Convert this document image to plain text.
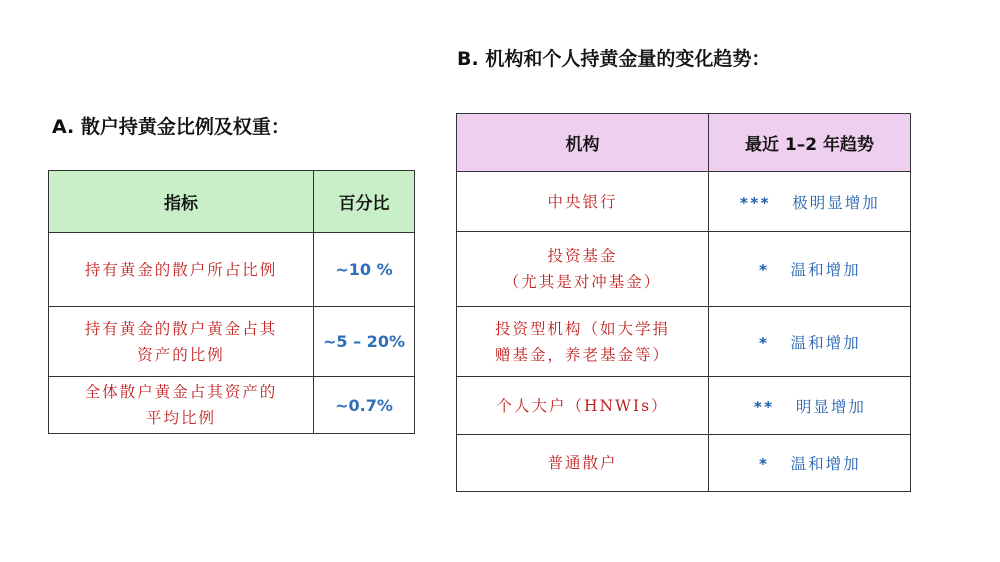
A. 散户持黄金比例及权重：
指标	百分比

持有黄金的散户所占比例	~10 %

持有黄金的散户黄金占其
资产的比例	~5 – 20%

全体散户黄金占其资产的
平均比例	~0.7%
B. 机构和个人持黄金量的变化趋势：
机构	最近 1–2 年趋势

中央银行	*** 极明显增加

投资基金
（尤其是对冲基金）	* 温和增加

投资型机构（如大学捐
赠基金，养老基金等）	* 温和增加

个人大户（HNWIs）	** 明显增加

普通散户	* 温和增加
